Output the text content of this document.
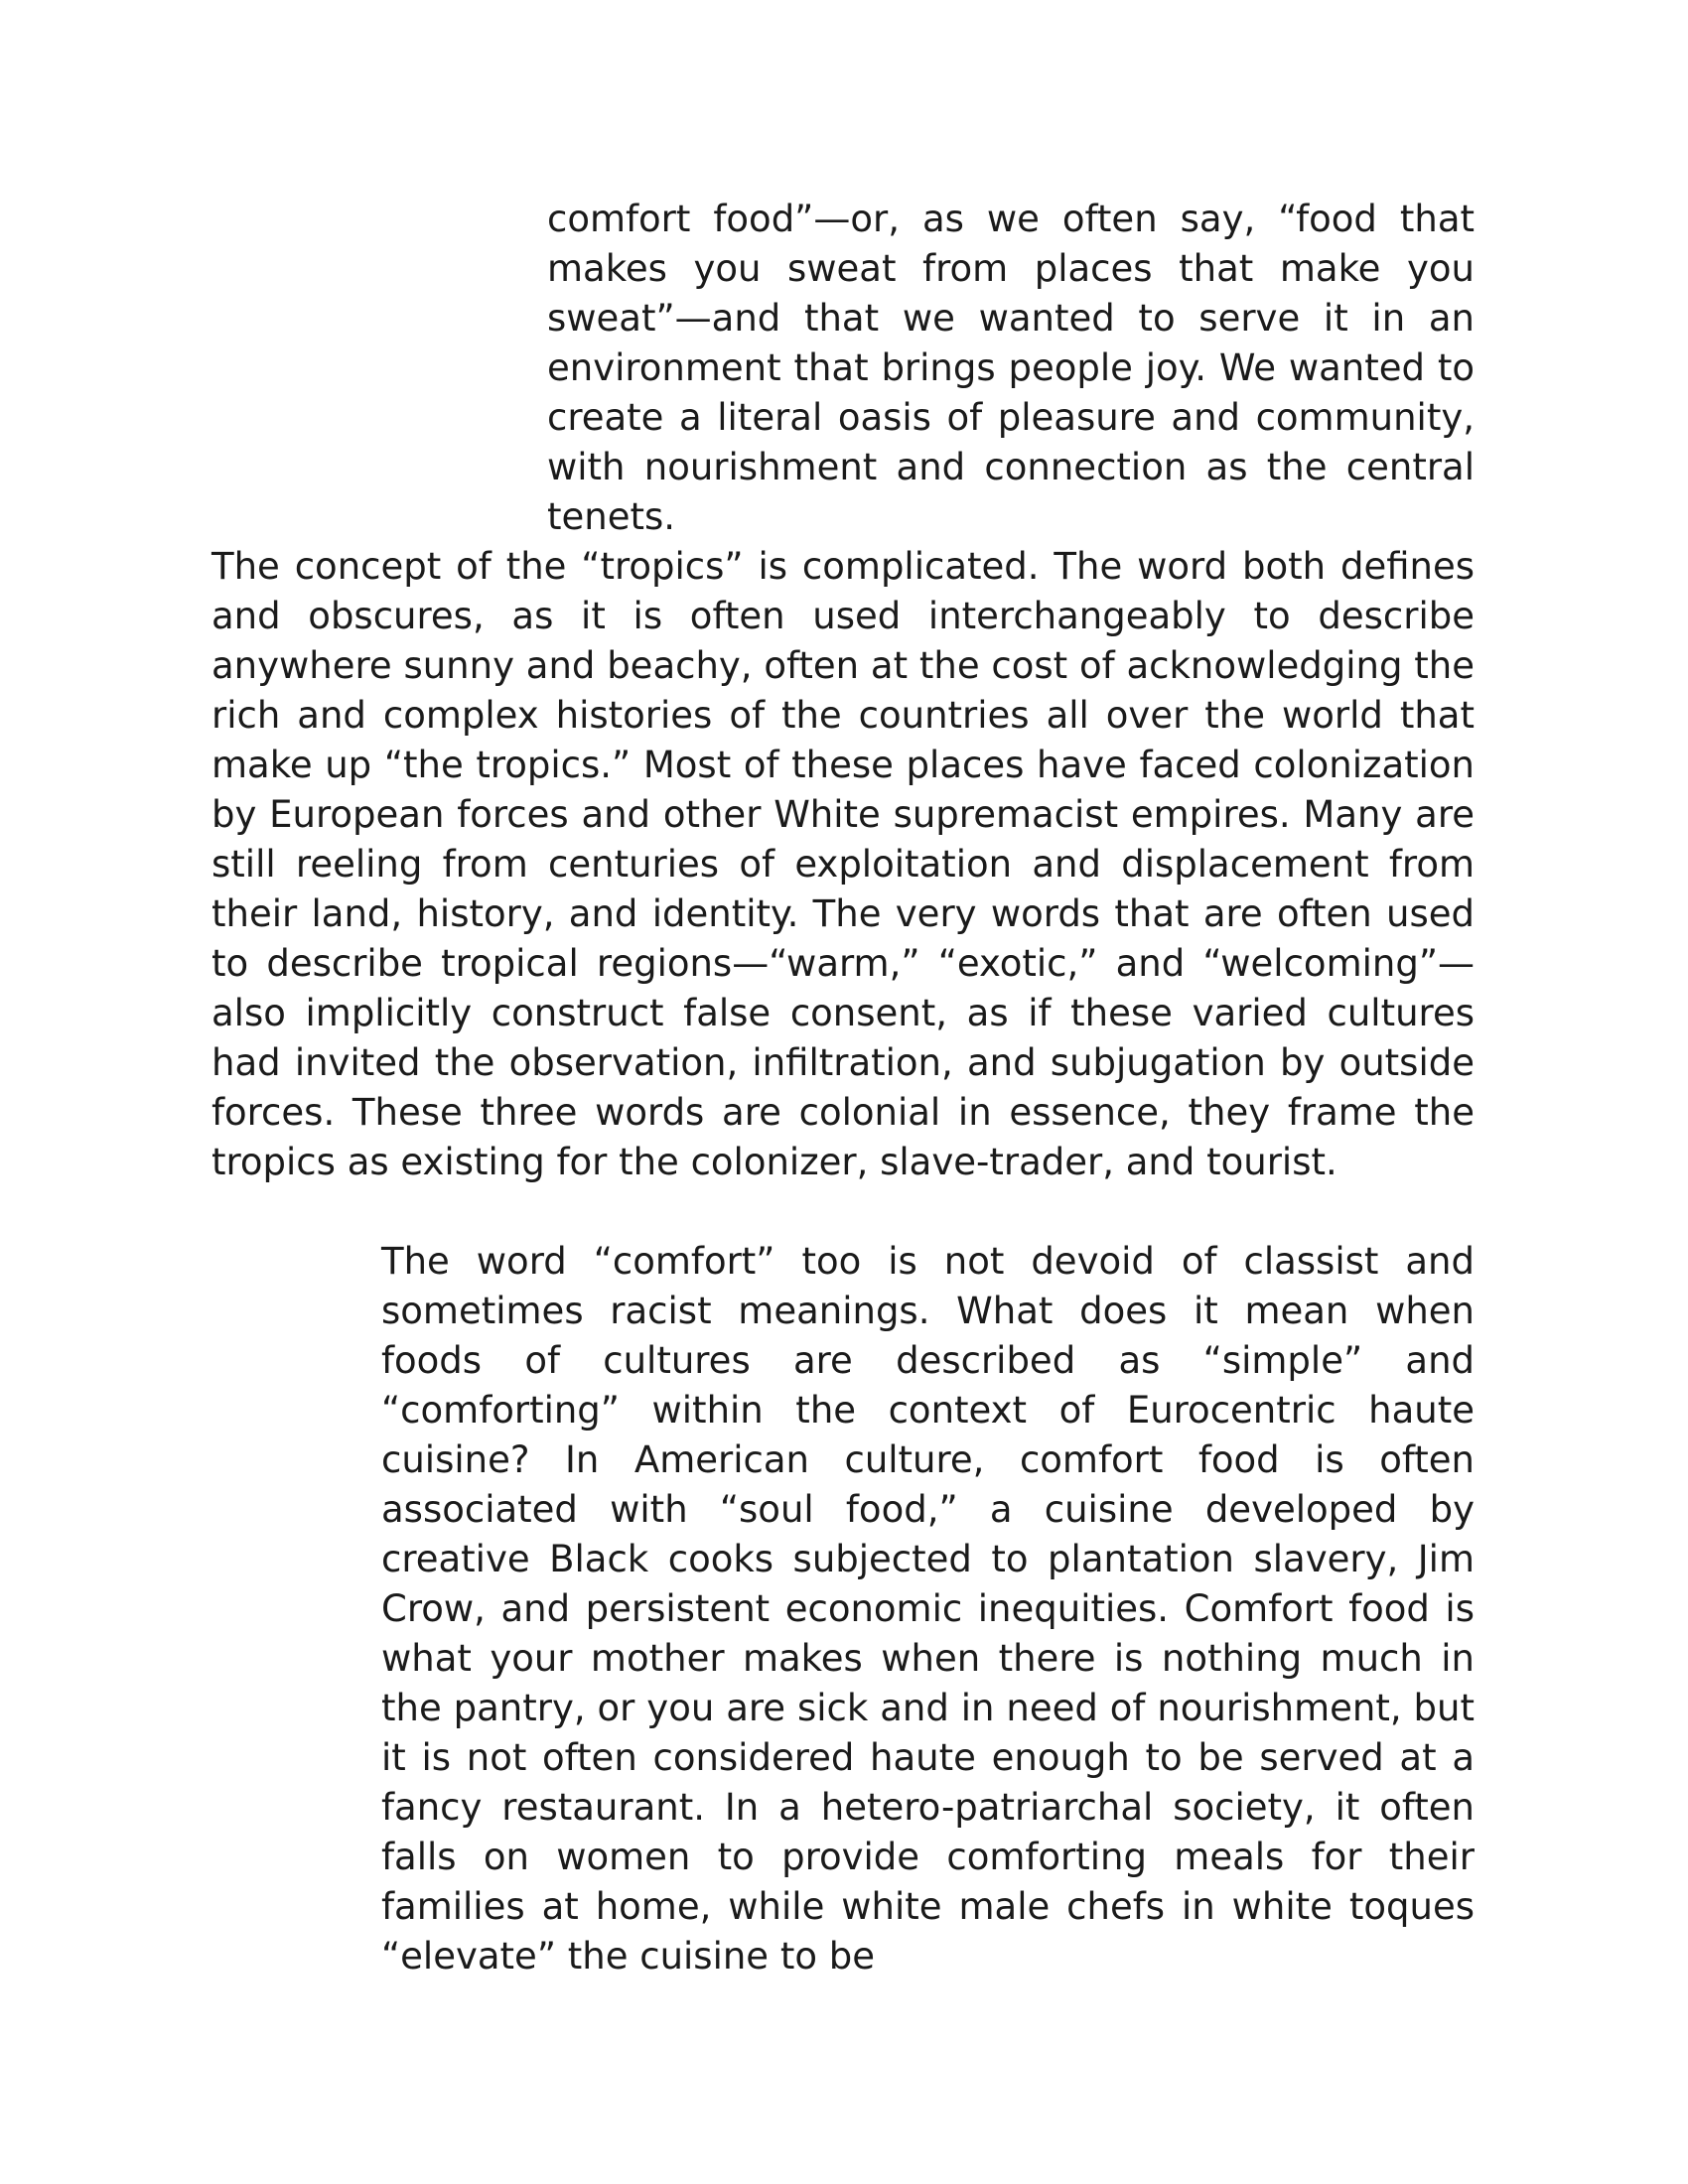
comfort food”—or, as we often say, “food that makes you sweat from places that make you sweat”—and that we wanted to serve it in an environment that brings people joy. We wanted to create a literal oasis of pleasure and community, with nourishment and connection as the central tenets.

The concept of the “tropics” is complicated. The word both defines and obscures, as it is often used interchangeably to describe anywhere sunny and beachy, often at the cost of acknowledging the rich and complex histories of the countries all over the world that make up “the tropics.” Most of these places have faced colonization by European forces and other White supremacist empires. Many are still reeling from centuries of exploitation and displacement from their land, history, and identity. The very words that are often used to describe tropical regions—“warm,” “exotic,” and “welcoming”—also implicitly construct false consent, as if these varied cultures had invited the observation, infiltration, and subjugation by outside forces. These three words are colonial in essence, they frame the tropics as existing for the colonizer, slave-trader, and tourist.

The word “comfort” too is not devoid of classist and sometimes racist meanings. What does it mean when foods of cultures are described as “simple” and “comforting” within the context of Eurocentric haute cuisine? In American culture, comfort food is often associated with “soul food,” a cuisine developed by creative Black cooks subjected to plantation slavery, Jim Crow, and persistent economic inequities. Comfort food is what your mother makes when there is nothing much in the pantry, or you are sick and in need of nourishment, but it is not often considered haute enough to be served at a fancy restaurant. In a hetero-patriarchal society, it often falls on women to provide comforting meals for their families at home, while white male chefs in white toques “elevate” the cuisine to be
